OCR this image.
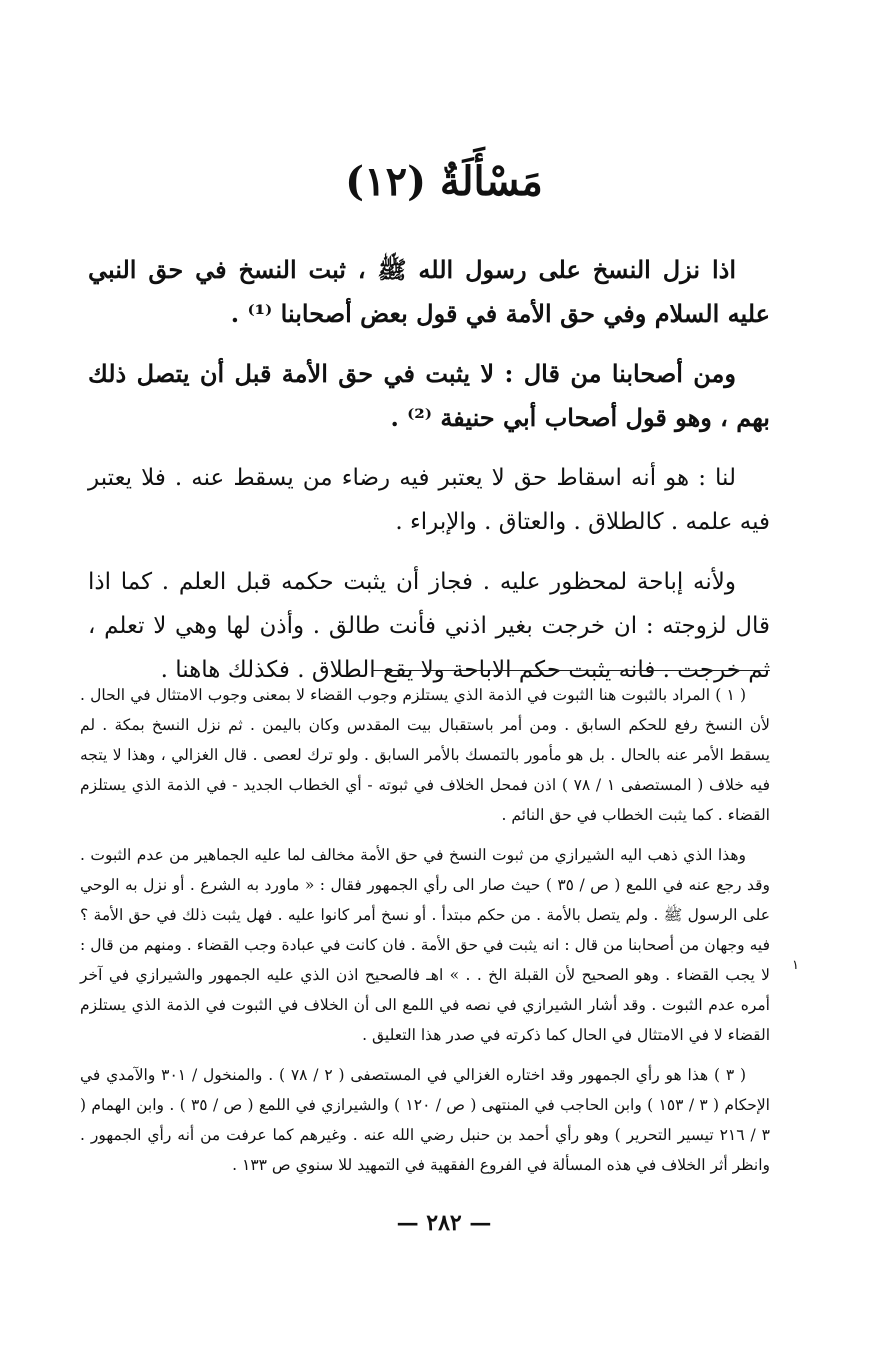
مَسْأَلَةٌ (١٢)

اذا نزل النسخ على رسول الله ﷺ ، ثبت النسخ في حق النبي عليه السلام وفي حق الأمة في قول بعض أصحابنا ⁽¹⁾ .

ومن أصحابنا من قال : لا يثبت في حق الأمة قبل أن يتصل ذلك بهم ، وهو قول أصحاب أبي حنيفة ⁽²⁾ .

لنا : هو أنه اسقاط حق لا يعتبر فيه رضاء من يسقط عنه . فلا يعتبر فيه علمه . كالطلاق . والعتاق . والإبراء .

ولأنه إباحة لمحظور عليه . فجاز أن يثبت حكمه قبل العلم . كما اذا قال لزوجته : ان خرجت بغير اذني فأنت طالق . وأذن لها وهي لا تعلم ، ثم خرجت . فانه يثبت حكم الاباحة ولا يقع الطلاق . فكذلك هاهنا .

( ١ ) المراد بالثبوت هنا الثبوت في الذمة الذي يستلزم وجوب القضاء لا بمعنى وجوب الامتثال في الحال . لأن النسخ رفع للحكم السابق . ومن أمر باستقبال بيت المقدس وكان باليمن . ثم نزل النسخ بمكة . لم يسقط الأمر عنه بالحال . بل هو مأمور بالتمسك بالأمر السابق . ولو ترك لعصى . قال الغزالي ، وهذا لا يتجه فيه خلاف ( المستصفى ١ / ٧٨ ) اذن فمحل الخلاف في ثبوته - أي الخطاب الجديد - في الذمة الذي يستلزم القضاء . كما يثبت الخطاب في حق النائم .

وهذا الذي ذهب اليه الشيرازي من ثبوت النسخ في حق الأمة مخالف لما عليه الجماهير من عدم الثبوت . وقد رجع عنه في اللمع ( ص / ٣٥ ) حيث صار الى رأي الجمهور فقال : « ماورد به الشرع . أو نزل به الوحي على الرسول ﷺ . ولم يتصل بالأمة . من حكم مبتدأ . أو نسخ أمر كانوا عليه . فهل يثبت ذلك في حق الأمة ؟ فيه وجهان من أصحابنا من قال : انه يثبت في حق الأمة . فان كانت في عبادة وجب القضاء . ومنهم من قال : لا يجب القضاء . وهو الصحيح لأن القبلة الخ . . » اهـ فالصحيح اذن الذي عليه الجمهور والشيرازي في آخر أمره عدم الثبوت . وقد أشار الشيرازي في نصه في اللمع الى أن الخلاف في الثبوت في الذمة الذي يستلزم القضاء لا في الامتثال في الحال كما ذكرته في صدر هذا التعليق .

( ٣ ) هذا هو رأي الجمهور وقد اختاره الغزالي في المستصفى ( ٢ / ٧٨ ) . والمنخول / ٣٠١ والآمدي في الإحكام ( ٣ / ١٥٣ ) وابن الحاجب في المنتهى ( ص / ١٢٠ ) والشيرازي في اللمع ( ص / ٣٥ ) . وابن الهمام ( ٣ / ٢١٦ تيسير التحرير ) وهو رأي أحمد بن حنبل رضي الله عنه . وغيرهم كما عرفت من أنه رأي الجمهور . وانظر أثر الخلاف في هذه المسألة في الفروع الفقهية في التمهيد للا سنوي ص ١٣٣ .

١
— ٢٨٢ —
